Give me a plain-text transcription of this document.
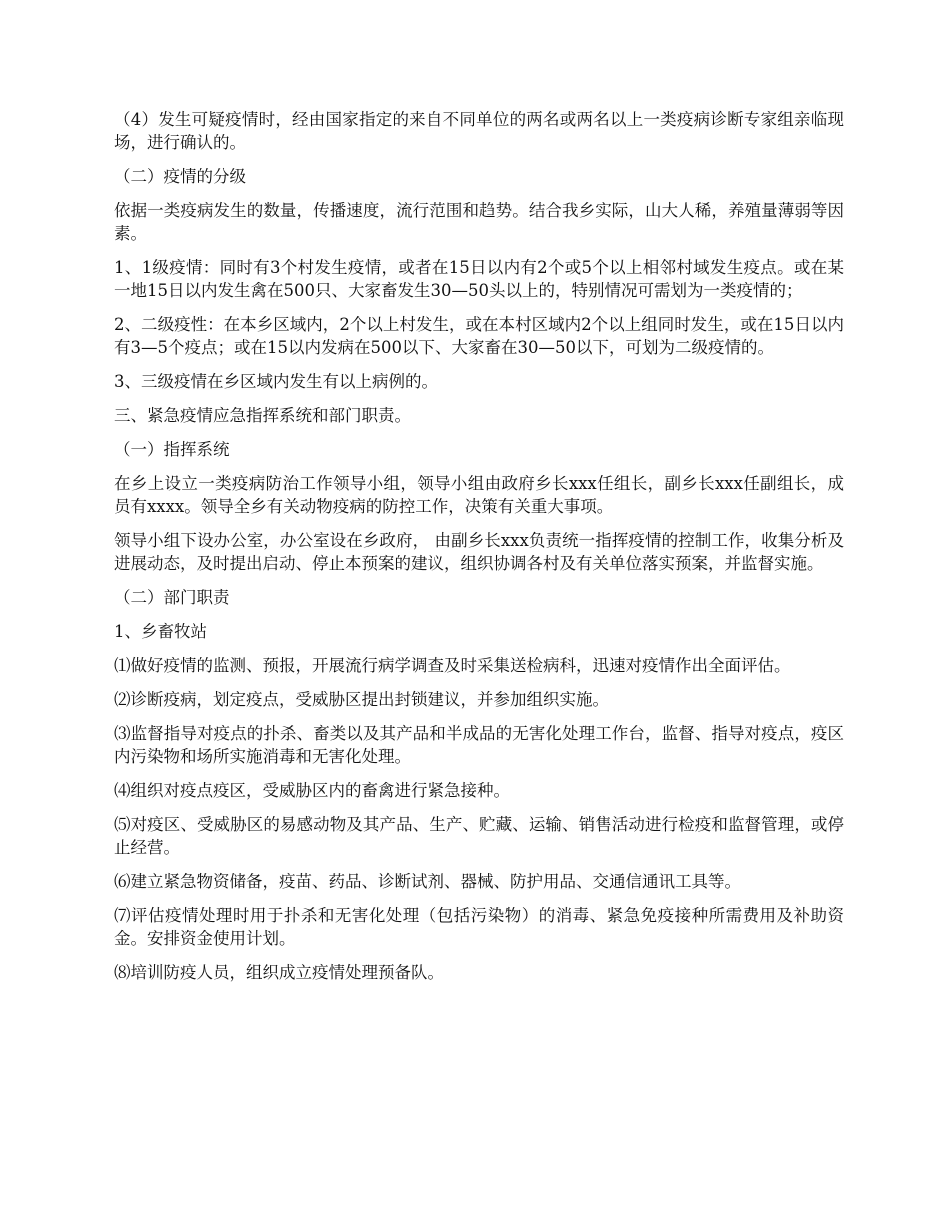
（4）发生可疑疫情时，经由国家指定的来自不同单位的两名或两名以上一类疫病诊断专家组亲临现场，进行确认的。

（二）疫情的分级

依据一类疫病发生的数量，传播速度，流行范围和趋势。结合我乡实际，山大人稀，养殖量薄弱等因素。

1、1级疫情：同时有3个村发生疫情，或者在15日以内有2个或5个以上相邻村域发生疫点。或在某一地15日以内发生禽在500只、大家畜发生30—50头以上的，特别情况可需划为一类疫情的；

2、二级疫性：在本乡区域内，2个以上村发生，或在本村区域内2个以上组同时发生，或在15日以内有3—5个疫点；或在15以内发病在500以下、大家畜在30—50以下，可划为二级疫情的。

3、三级疫情在乡区域内发生有以上病例的。

三、紧急疫情应急指挥系统和部门职责。

（一）指挥系统

在乡上设立一类疫病防治工作领导小组，领导小组由政府乡长xxx任组长，副乡长xxx任副组长，成员有xxxx。领导全乡有关动物疫病的防控工作，决策有关重大事项。

领导小组下设办公室，办公室设在乡政府， 由副乡长xxx负责统一指挥疫情的控制工作，收集分析及进展动态，及时提出启动、停止本预案的建议，组织协调各村及有关单位落实预案，并监督实施。

（二）部门职责

1、乡畜牧站

⑴做好疫情的监测、预报，开展流行病学调查及时采集送检病科，迅速对疫情作出全面评估。

⑵诊断疫病，划定疫点，受威胁区提出封锁建议，并参加组织实施。

⑶监督指导对疫点的扑杀、畜类以及其产品和半成品的无害化处理工作台，监督、指导对疫点，疫区内污染物和场所实施消毒和无害化处理。

⑷组织对疫点疫区，受威胁区内的畜禽进行紧急接种。

⑸对疫区、受威胁区的易感动物及其产品、生产、贮藏、运输、销售活动进行检疫和监督管理，或停止经营。

⑹建立紧急物资储备，疫苗、药品、诊断试剂、器械、防护用品、交通信通讯工具等。

⑺评估疫情处理时用于扑杀和无害化处理（包括污染物）的消毒、紧急免疫接种所需费用及补助资金。安排资金使用计划。

⑻培训防疫人员，组织成立疫情处理预备队。
